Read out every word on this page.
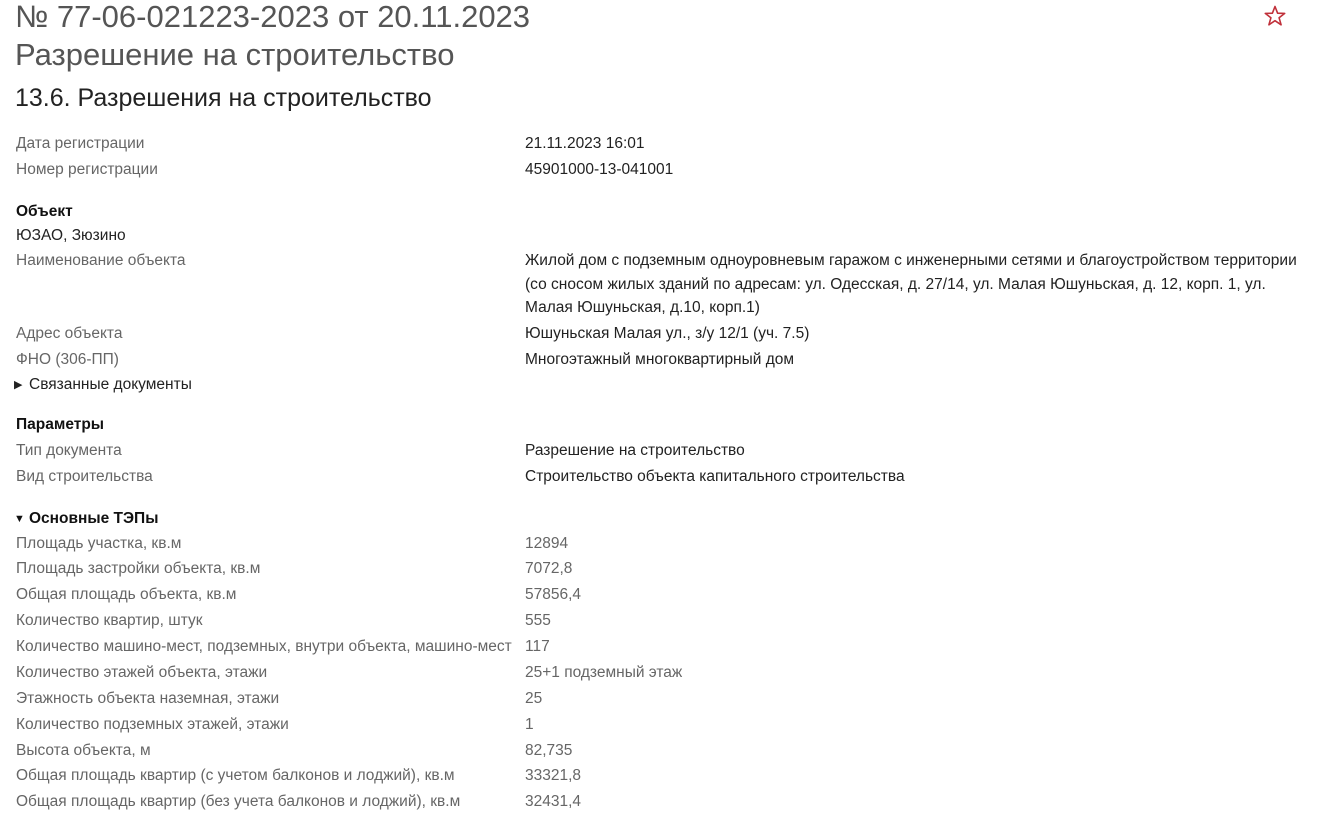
№ 77-06-021223-2023 от 20.11.2023
Разрешение на строительство
13.6. Разрешения на строительство
Дата регистрации	21.11.2023 16:01
Номер регистрации	45901000-13-041001
Объект
ЮЗАО, Зюзино
Наименование объекта	Жилой дом с подземным одноуровневым гаражом с инженерными сетями и благоустройством территории (со сносом жилых зданий по адресам: ул. Одесская, д. 27/14, ул. Малая Юшуньская, д. 12, корп. 1, ул. Малая Юшуньская, д.10, корп.1)
Адрес объекта	Юшуньская Малая ул., з/у 12/1 (уч. 7.5)
ФНО (306-ПП)	Многоэтажный многоквартирный дом
▶ Связанные документы
Параметры
Тип документа	Разрешение на строительство
Вид строительства	Строительство объекта капитального строительства
▼ Основные ТЭПы
Площадь участка, кв.м	12894
Площадь застройки объекта, кв.м	7072,8
Общая площадь объекта, кв.м	57856,4
Количество квартир, штук	555
Количество машино-мест, подземных, внутри объекта, машино-мест 117
Количество этажей объекта, этажи	25+1 подземный этаж
Этажность объекта наземная, этажи	25
Количество подземных этажей, этажи	1
Высота объекта, м	82,735
Общая площадь квартир (с учетом балконов и лоджий), кв.м	33321,8
Общая площадь квартир (без учета балконов и лоджий), кв.м	32431,4
